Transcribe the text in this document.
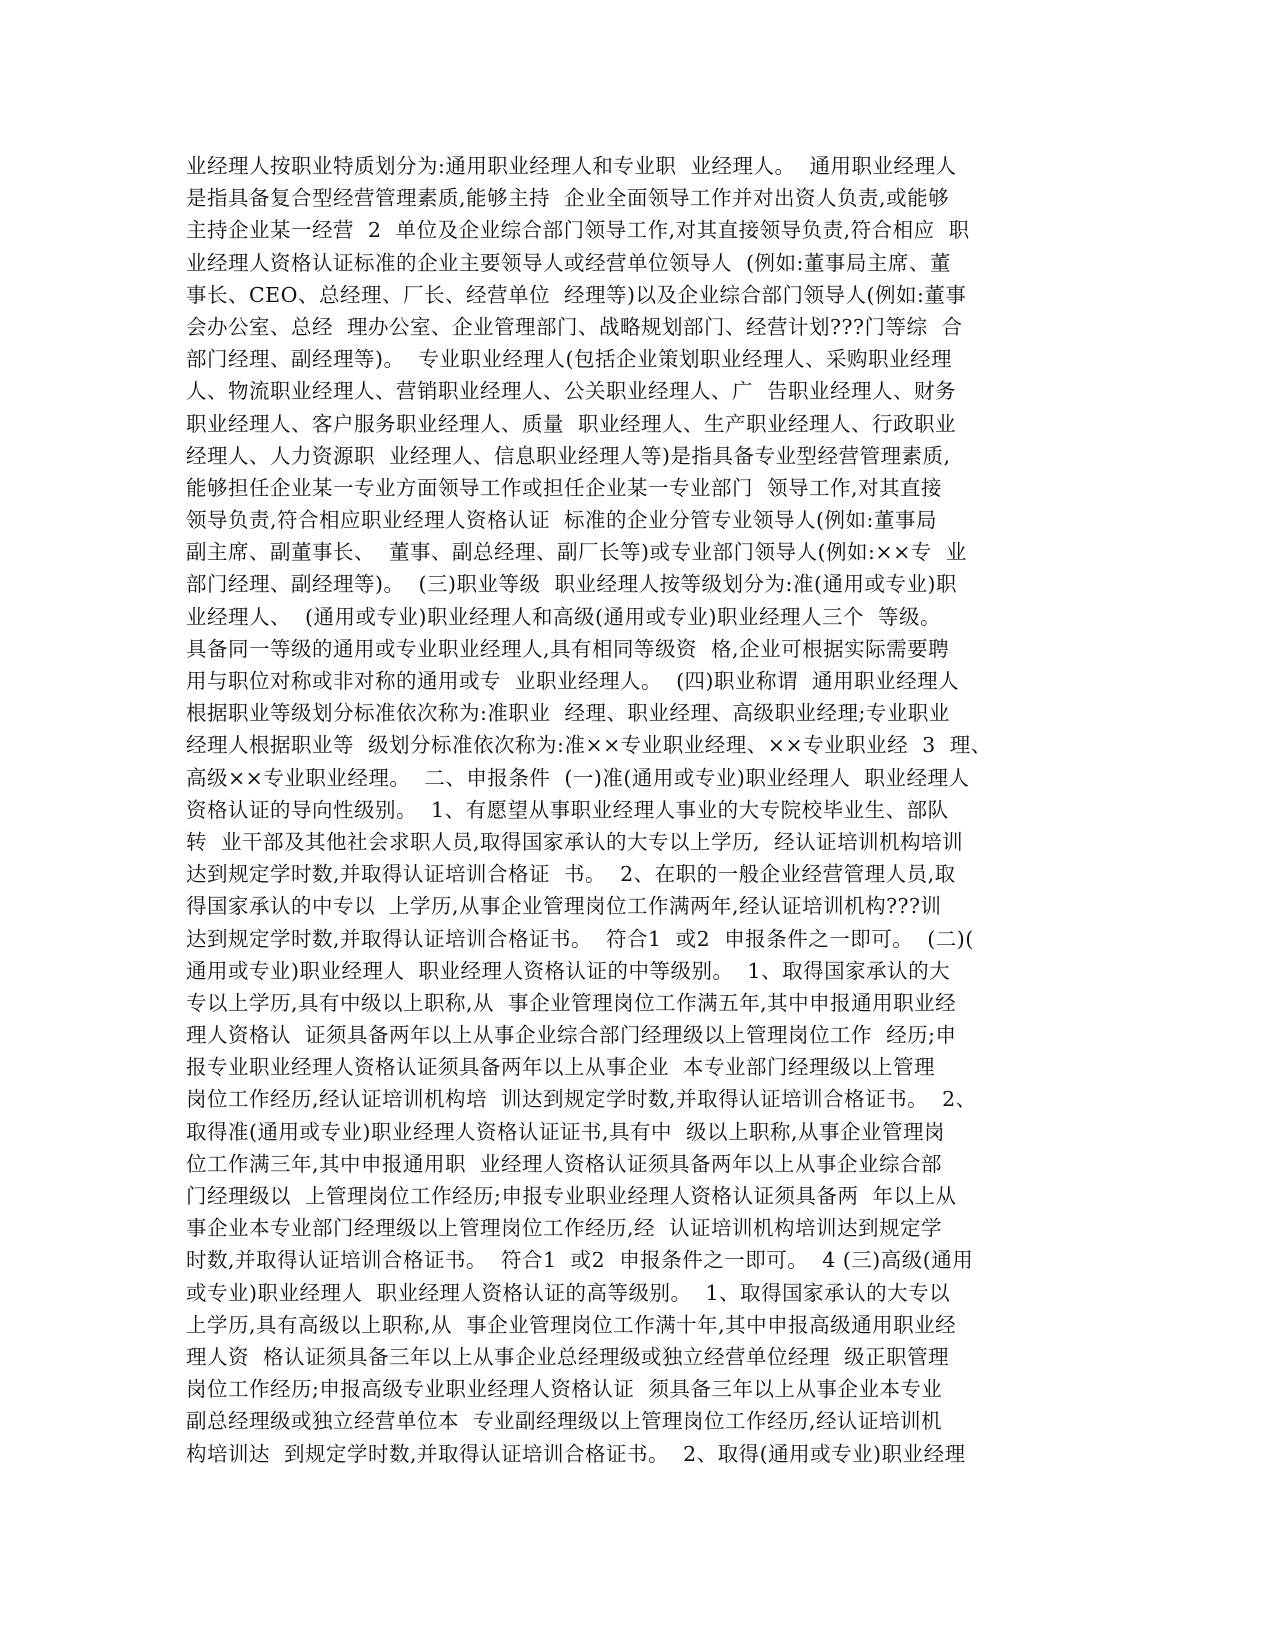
业经理人按职业特质划分为:通用职业经理人和专业职  业经理人。  通用职业经理人
是指具备复合型经营管理素质,能够主持  企业全面领导工作并对出资人负责,或能够
主持企业某一经营  2  单位及企业综合部门领导工作,对其直接领导负责,符合相应  职
业经理人资格认证标准的企业主要领导人或经营单位领导人  (例如:董事局主席、董
事长、CEO、总经理、厂长、经营单位  经理等)以及企业综合部门领导人(例如:董事
会办公室、总经  理办公室、企业管理部门、战略规划部门、经营计划???门等综  合
部门经理、副经理等)。  专业职业经理人(包括企业策划职业经理人、采购职业经理
人、物流职业经理人、营销职业经理人、公关职业经理人、广  告职业经理人、财务
职业经理人、客户服务职业经理人、质量  职业经理人、生产职业经理人、行政职业
经理人、人力资源职  业经理人、信息职业经理人等)是指具备专业型经营管理素质,
能够担任企业某一专业方面领导工作或担任企业某一专业部门  领导工作,对其直接
领导负责,符合相应职业经理人资格认证  标准的企业分管专业领导人(例如:董事局
副主席、副董事长、  董事、副总经理、副厂长等)或专业部门领导人(例如:××专  业
部门经理、副经理等)。  (三)职业等级  职业经理人按等级划分为:准(通用或专业)职
业经理人、  (通用或专业)职业经理人和高级(通用或专业)职业经理人三个  等级。
具备同一等级的通用或专业职业经理人,具有相同等级资  格,企业可根据实际需要聘
用与职位对称或非对称的通用或专  业职业经理人。  (四)职业称谓  通用职业经理人
根据职业等级划分标准依次称为:准职业  经理、职业经理、高级职业经理;专业职业
经理人根据职业等  级划分标准依次称为:准××专业职业经理、××专业职业经  3  理、
高级××专业职业经理。  二、申报条件  (一)准(通用或专业)职业经理人  职业经理人
资格认证的导向性级别。  1、有愿望从事职业经理人事业的大专院校毕业生、部队
转  业干部及其他社会求职人员,取得国家承认的大专以上学历,  经认证培训机构培训
达到规定学时数,并取得认证培训合格证  书。  2、在职的一般企业经营管理人员,取
得国家承认的中专以  上学历,从事企业管理岗位工作满两年,经认证培训机构???训
达到规定学时数,并取得认证培训合格证书。  符合1  或2  申报条件之一即可。  (二)(
通用或专业)职业经理人  职业经理人资格认证的中等级别。  1、取得国家承认的大
专以上学历,具有中级以上职称,从  事企业管理岗位工作满五年,其中申报通用职业经
理人资格认  证须具备两年以上从事企业综合部门经理级以上管理岗位工作  经历;申
报专业职业经理人资格认证须具备两年以上从事企业  本专业部门经理级以上管理
岗位工作经历,经认证培训机构培  训达到规定学时数,并取得认证培训合格证书。  2、
取得准(通用或专业)职业经理人资格认证证书,具有中  级以上职称,从事企业管理岗
位工作满三年,其中申报通用职  业经理人资格认证须具备两年以上从事企业综合部
门经理级以  上管理岗位工作经历;申报专业职业经理人资格认证须具备两  年以上从
事企业本专业部门经理级以上管理岗位工作经历,经  认证培训机构培训达到规定学
时数,并取得认证培训合格证书。  符合1  或2  申报条件之一即可。  4 (三)高级(通用
或专业)职业经理人  职业经理人资格认证的高等级别。  1、取得国家承认的大专以
上学历,具有高级以上职称,从  事企业管理岗位工作满十年,其中申报高级通用职业经
理人资  格认证须具备三年以上从事企业总经理级或独立经营单位经理  级正职管理
岗位工作经历;申报高级专业职业经理人资格认证  须具备三年以上从事企业本专业
副总经理级或独立经营单位本  专业副经理级以上管理岗位工作经历,经认证培训机
构培训达  到规定学时数,并取得认证培训合格证书。  2、取得(通用或专业)职业经理
